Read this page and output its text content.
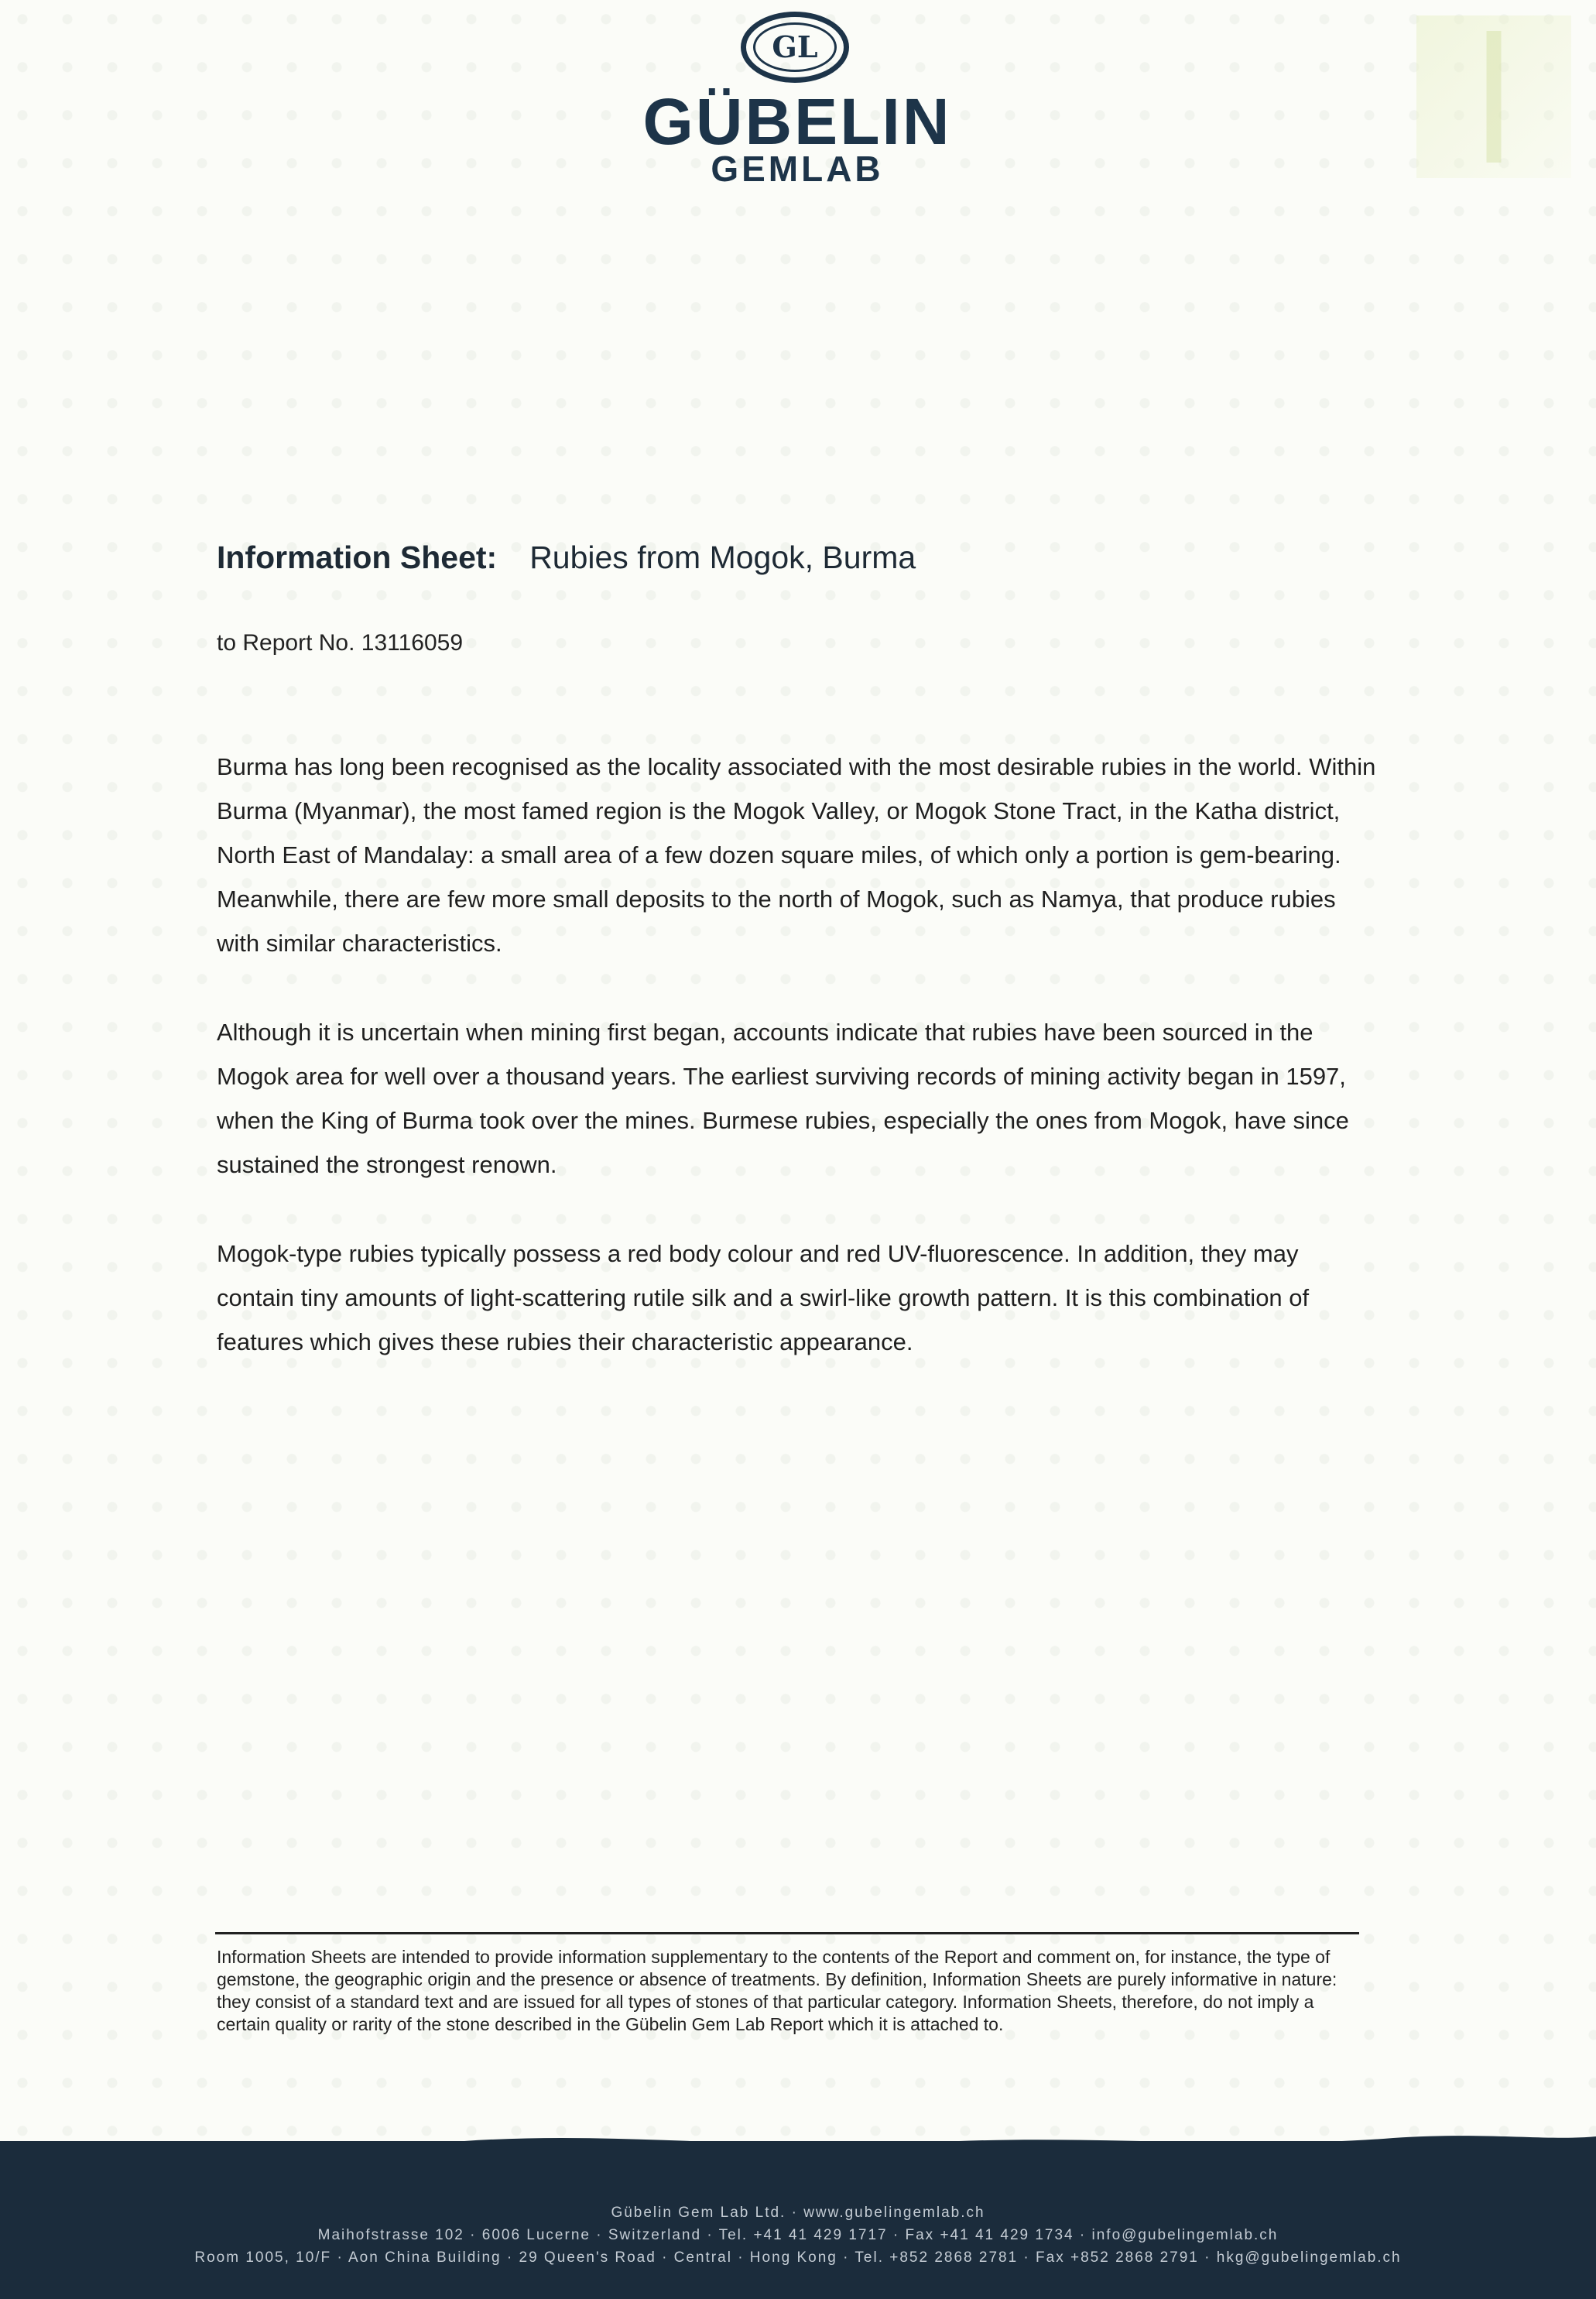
GL
GÜBELIN
GEMLAB
Information Sheet: Rubies from Mogok, Burma
to Report No. 13116059

Burma has long been recognised as the locality associated with the most desirable rubies in the world. Within Burma (Myanmar), the most famed region is the Mogok Valley, or Mogok Stone Tract, in the Katha district, North East of Mandalay: a small area of a few dozen square miles, of which only a portion is gem-bearing. Meanwhile, there are few more small deposits to the north of Mogok, such as Namya, that produce rubies with similar characteristics.

Although it is uncertain when mining first began, accounts indicate that rubies have been sourced in the Mogok area for well over a thousand years. The earliest surviving records of mining activity began in 1597, when the King of Burma took over the mines. Burmese rubies, especially the ones from Mogok, have since sustained the strongest renown.

Mogok-type rubies typically possess a red body colour and red UV-fluorescence. In addition, they may contain tiny amounts of light-scattering rutile silk and a swirl-like growth pattern. It is this combination of features which gives these rubies their characteristic appearance.

Information Sheets are intended to provide information supplementary to the contents of the Report and comment on, for instance, the type of gemstone, the geographic origin and the presence or absence of treatments. By definition, Information Sheets are purely informative in nature: they consist of a standard text and are issued for all types of stones of that particular category. Information Sheets, therefore, do not imply a certain quality or rarity of the stone described in the Gübelin Gem Lab Report which it is attached to.
Gübelin Gem Lab Ltd. · www.gubelingemlab.ch
Maihofstrasse 102 · 6006 Lucerne · Switzerland · Tel. +41 41 429 1717 · Fax +41 41 429 1734 · info@gubelingemlab.ch
Room 1005, 10/F · Aon China Building · 29 Queen's Road · Central · Hong Kong · Tel. +852 2868 2781 · Fax +852 2868 2791 · hkg@gubelingemlab.ch
